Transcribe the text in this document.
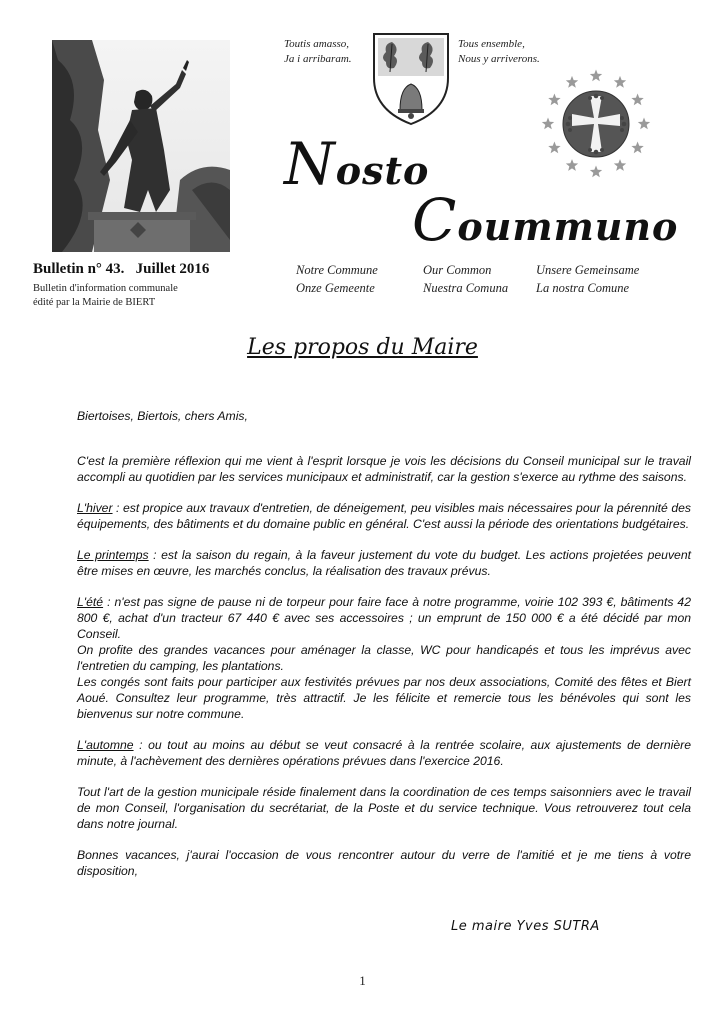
Toutis amasso,
Ja i arribaram.
Tous ensemble,
Nous y arriverons.
Nosto
Coummuno
Bulletin n° 43.   Juillet 2016
Bulletin d'information communale
édité par la Mairie de BIERT
Notre Commune	Our Common	Unsere Gemeinsame
Onze Gemeente	Nuestra Comuna	La nostra Comune
Les propos du Maire

Biertoises, Biertois, chers Amis,

C'est la première réflexion qui me vient à l'esprit lorsque je vois les décisions du Conseil municipal sur le travail accompli au quotidien par les services municipaux et administratif, car la gestion s'exerce au rythme des saisons.

L'hiver : est propice aux travaux d'entretien, de déneigement, peu visibles mais nécessaires pour la pérennité des équipements, des bâtiments et du domaine public en général. C'est aussi la période des orientations budgétaires.

Le printemps : est la saison du regain, à la faveur justement du vote du budget. Les actions projetées peuvent être mises en œuvre, les marchés conclus, la réalisation des travaux prévus.

L'été : n'est pas signe de pause ni de torpeur pour faire face à notre programme, voirie 102 393 €, bâtiments 42 800 €, achat d'un tracteur 67 440 € avec ses accessoires ; un emprunt de 150 000 € a été décidé par mon Conseil.

On profite des grandes vacances pour aménager la classe, WC pour handicapés et tous les imprévus avec l'entretien du camping, les plantations.

Les congés sont faits pour participer aux festivités prévues par nos deux associations, Comité des fêtes et Biert Aoué. Consultez leur programme, très attractif. Je les félicite et remercie tous les bénévoles qui sont les bienvenus sur notre commune.

L'automne : ou tout au moins au début se veut consacré à la rentrée scolaire, aux ajustements de dernière minute, à l'achèvement des dernières opérations prévues dans l'exercice 2016.

Tout l'art de la gestion municipale réside finalement dans la coordination de ces temps saisonniers avec le travail de mon Conseil, l'organisation du secrétariat, de la Poste et du service technique. Vous retrouverez tout cela dans notre journal.

Bonnes vacances, j'aurai l'occasion de vous rencontrer autour du verre de l'amitié et je me tiens à votre disposition,

Le maire Yves SUTRA
1
